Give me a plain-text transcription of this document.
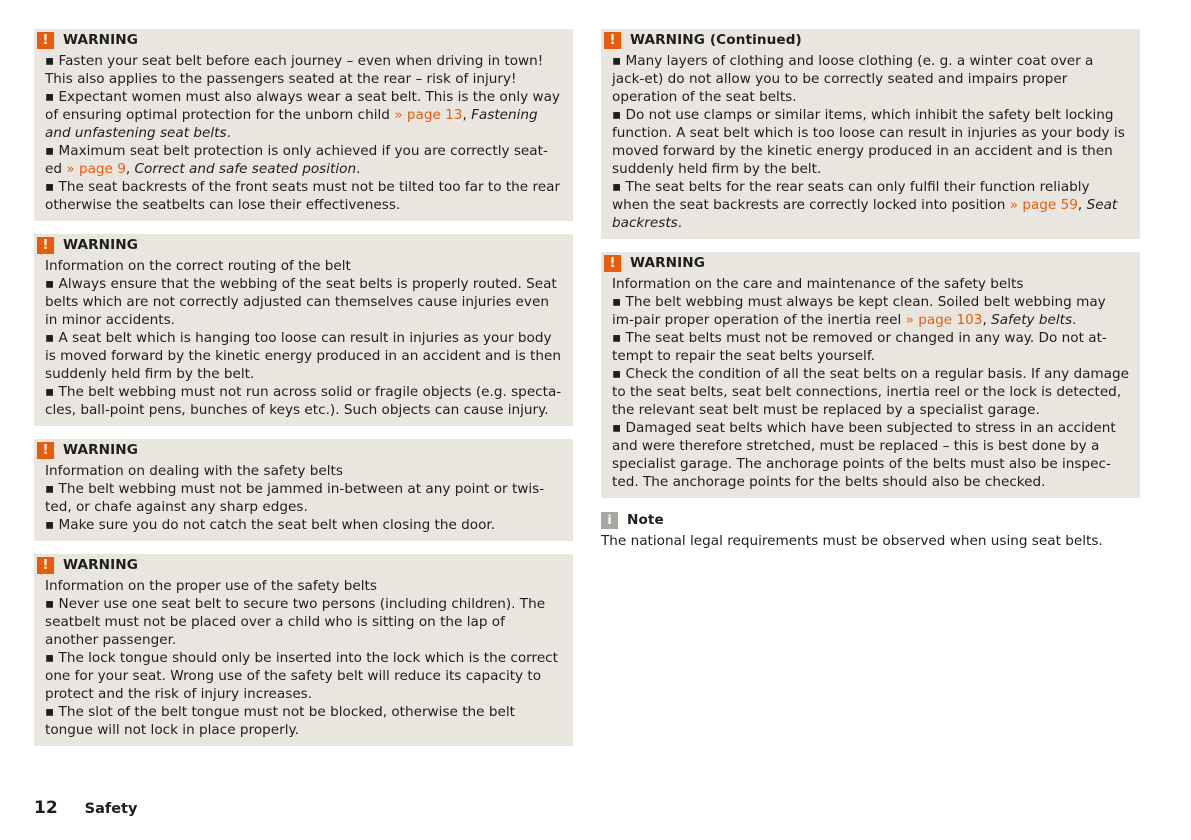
!	WARNING

▪ Fasten your seat belt before each journey – even when driving in town! This also applies to the passengers seated at the rear – risk of injury!

▪ Expectant women must also always wear a seat belt. This is the only way of ensuring optimal protection for the unborn child » page 13, Fastening and unfastening seat belts.

▪ Maximum seat belt protection is only achieved if you are correctly seat-ed » page 9, Correct and safe seated position.

▪ The seat backrests of the front seats must not be tilted too far to the rear otherwise the seatbelts can lose their effectiveness.

!	WARNING

Information on the correct routing of the belt

▪ Always ensure that the webbing of the seat belts is properly routed. Seat belts which are not correctly adjusted can themselves cause injuries even in minor accidents.

▪ A seat belt which is hanging too loose can result in injuries as your body is moved forward by the kinetic energy produced in an accident and is then suddenly held firm by the belt.

▪ The belt webbing must not run across solid or fragile objects (e.g. specta-cles, ball-point pens, bunches of keys etc.). Such objects can cause injury.

!	WARNING

Information on dealing with the safety belts

▪ The belt webbing must not be jammed in-between at any point or twis-ted, or chafe against any sharp edges.

▪ Make sure you do not catch the seat belt when closing the door.

!	WARNING

Information on the proper use of the safety belts

▪ Never use one seat belt to secure two persons (including children). The seatbelt must not be placed over a child who is sitting on the lap of another passenger.

▪ The lock tongue should only be inserted into the lock which is the correct one for your seat. Wrong use of the safety belt will reduce its capacity to protect and the risk of injury increases.

▪ The slot of the belt tongue must not be blocked, otherwise the belt tongue will not lock in place properly.

!	WARNING (Continued)

▪ Many layers of clothing and loose clothing (e. g. a winter coat over a jack-et) do not allow you to be correctly seated and impairs proper operation of the seat belts.

▪ Do not use clamps or similar items, which inhibit the safety belt locking function. A seat belt which is too loose can result in injuries as your body is moved forward by the kinetic energy produced in an accident and is then suddenly held firm by the belt.

▪ The seat belts for the rear seats can only fulfil their function reliably when the seat backrests are correctly locked into position » page 59, Seat backrests.

!	WARNING

Information on the care and maintenance of the safety belts

▪ The belt webbing must always be kept clean. Soiled belt webbing may im-pair proper operation of the inertia reel » page 103, Safety belts.

▪ The seat belts must not be removed or changed in any way. Do not at-tempt to repair the seat belts yourself.

▪ Check the condition of all the seat belts on a regular basis. If any damage to the seat belts, seat belt connections, inertia reel or the lock is detected, the relevant seat belt must be replaced by a specialist garage.

▪ Damaged seat belts which have been subjected to stress in an accident and were therefore stretched, must be replaced – this is best done by a specialist garage. The anchorage points of the belts must also be inspec-ted. The anchorage points for the belts should also be checked.

i	Note

The national legal requirements must be observed when using seat belts.

12 Safety
